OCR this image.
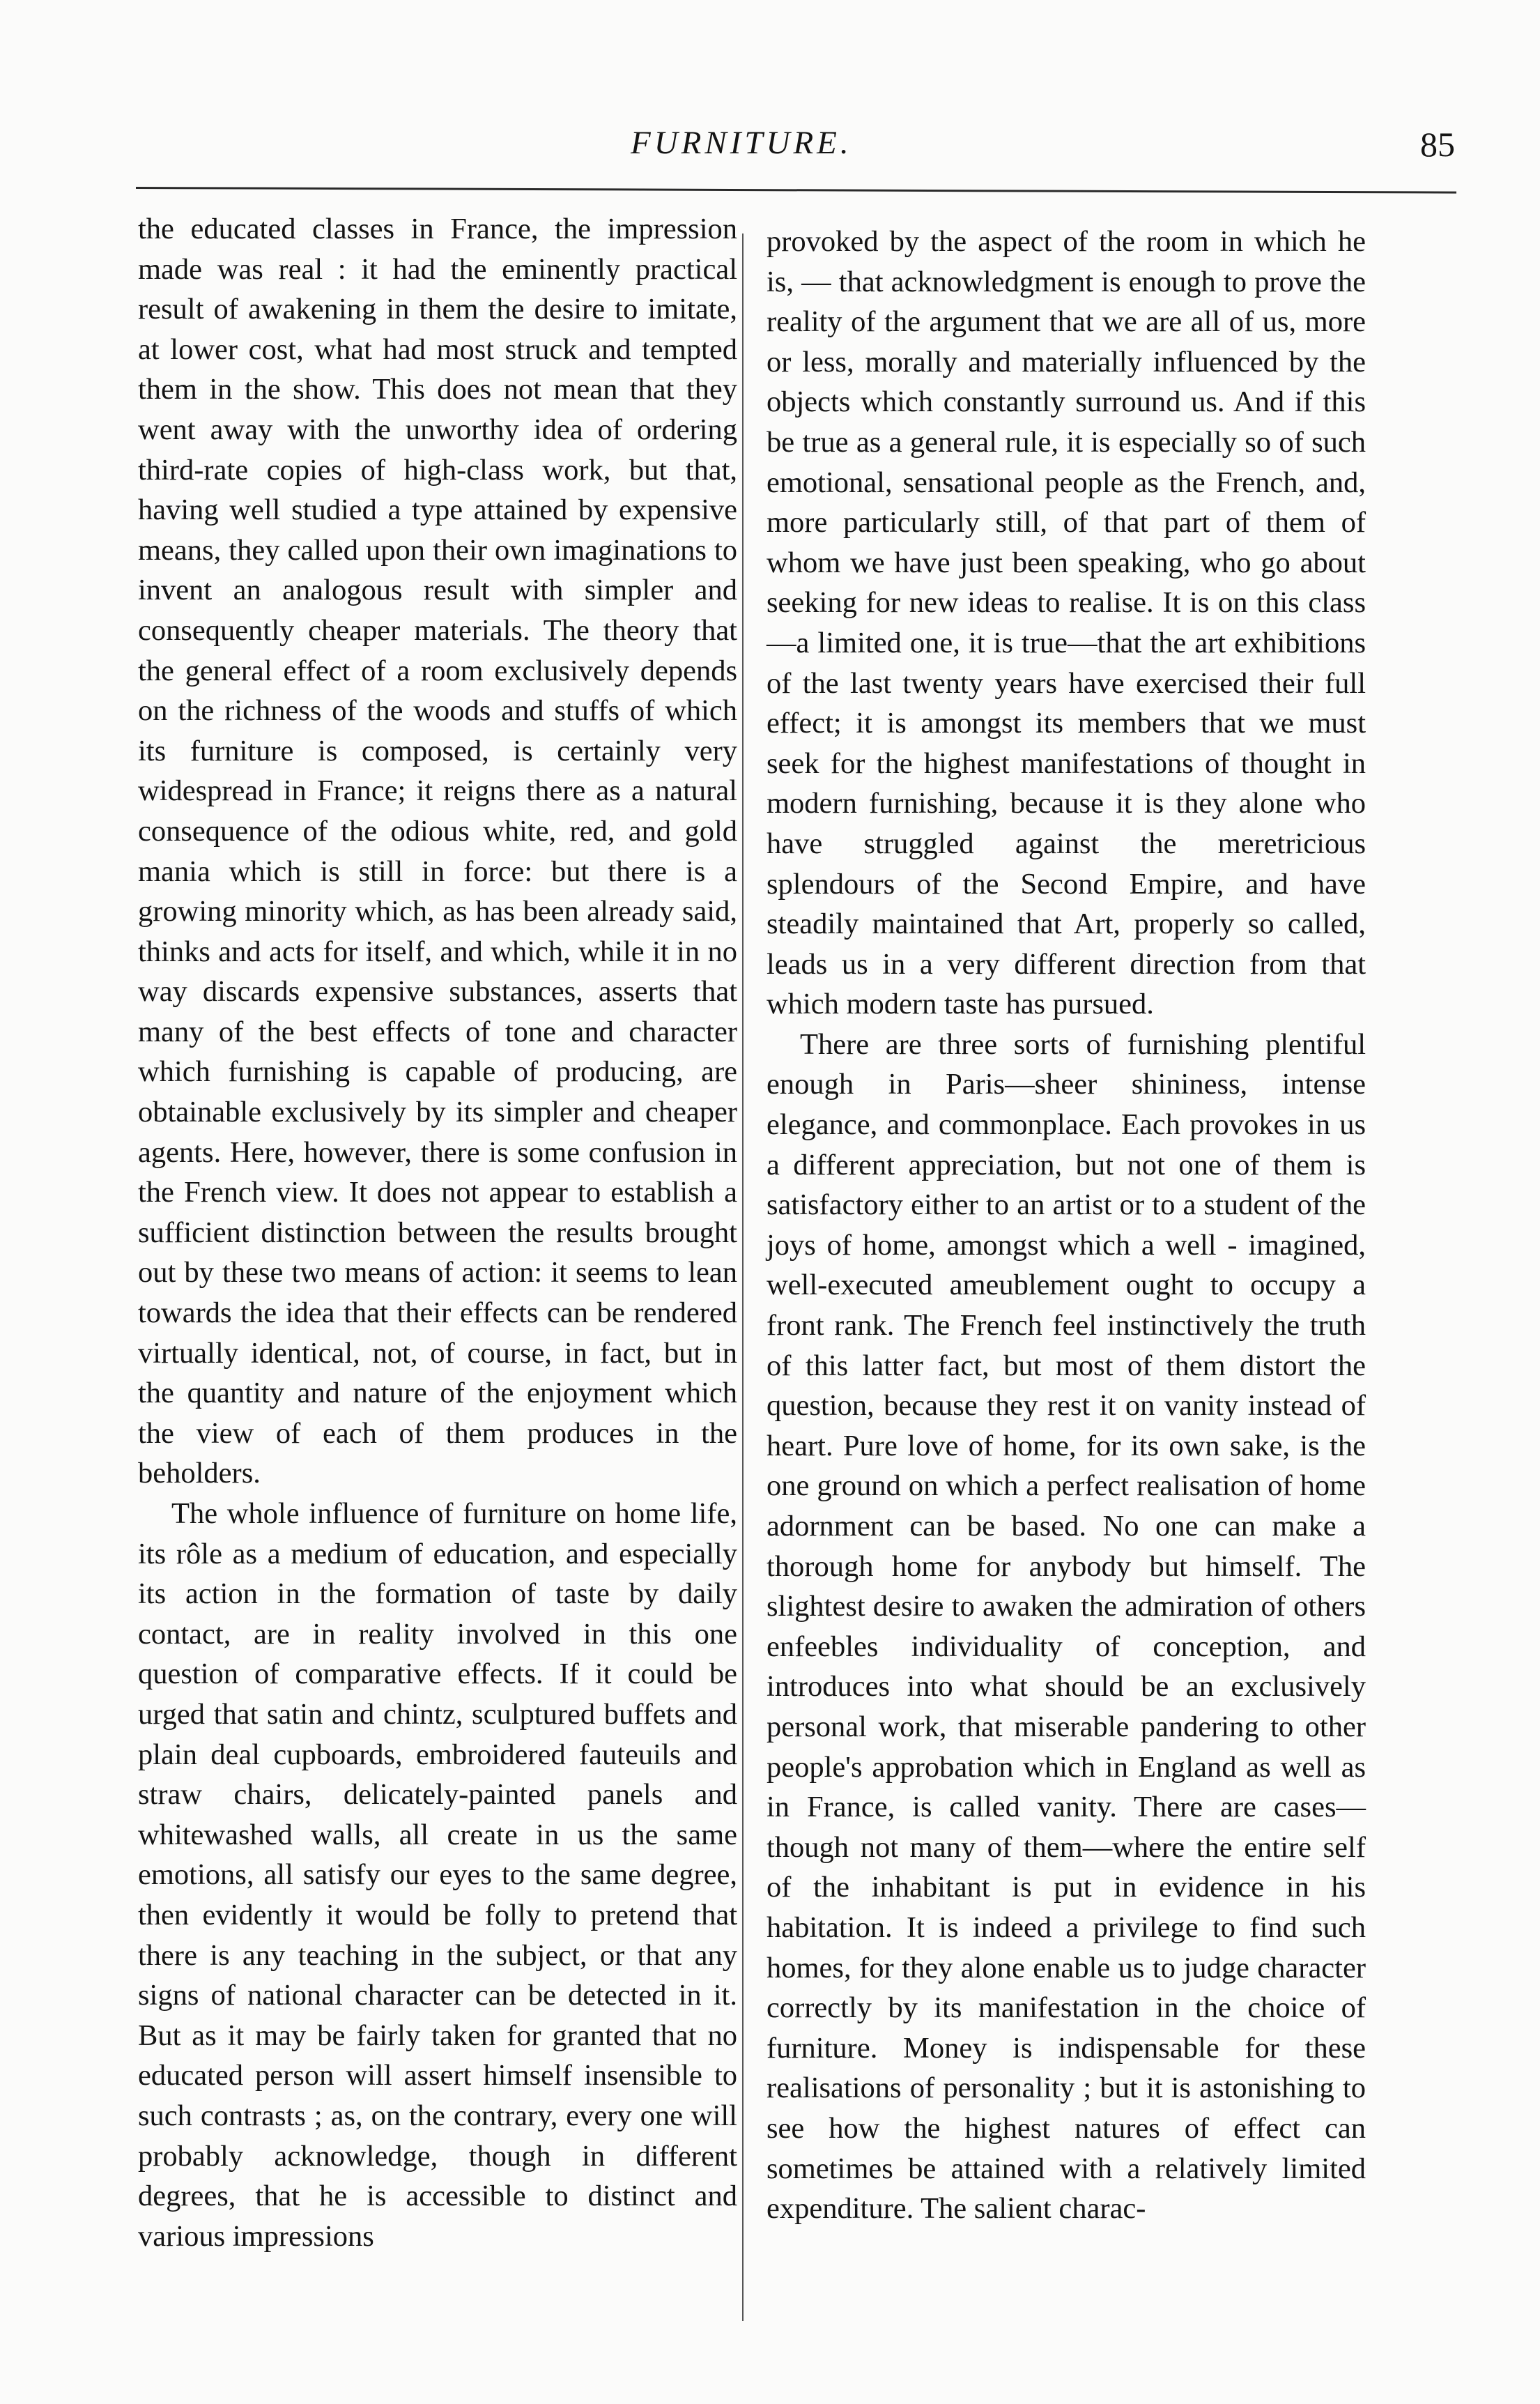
FURNITURE.	85

the educated classes in France, the impression made was real : it had the eminently practical result of awakening in them the desire to imitate, at lower cost, what had most struck and tempted them in the show. This does not mean that they went away with the unworthy idea of ordering third-rate copies of high-class work, but that, having well studied a type attained by expensive means, they called upon their own imaginations to invent an analogous result with simpler and consequently cheaper materials. The theory that the general effect of a room exclusively depends on the richness of the woods and stuffs of which its furniture is composed, is certainly very widespread in France; it reigns there as a natural consequence of the odious white, red, and gold mania which is still in force: but there is a growing minority which, as has been already said, thinks and acts for itself, and which, while it in no way discards expensive substances, asserts that many of the best effects of tone and character which furnishing is capable of producing, are obtainable exclusively by its simpler and cheaper agents. Here, however, there is some confusion in the French view. It does not appear to establish a sufficient distinction between the results brought out by these two means of action: it seems to lean towards the idea that their effects can be rendered virtually identical, not, of course, in fact, but in the quantity and nature of the enjoyment which the view of each of them produces in the beholders.

The whole influence of furniture on home life, its rôle as a medium of education, and especially its action in the formation of taste by daily contact, are in reality involved in this one question of comparative effects. If it could be urged that satin and chintz, sculptured buffets and plain deal cupboards, embroidered fauteuils and straw chairs, delicately-painted panels and whitewashed walls, all create in us the same emotions, all satisfy our eyes to the same degree, then evidently it would be folly to pretend that there is any teaching in the subject, or that any signs of national character can be detected in it. But as it may be fairly taken for granted that no educated person will assert himself insensible to such contrasts ; as, on the contrary, every one will probably acknowledge, though in different degrees, that he is accessible to distinct and various impressions

provoked by the aspect of the room in which he is, — that acknowledgment is enough to prove the reality of the argument that we are all of us, more or less, morally and materially influenced by the objects which constantly surround us. And if this be true as a general rule, it is especially so of such emotional, sensational people as the French, and, more particularly still, of that part of them of whom we have just been speaking, who go about seeking for new ideas to realise. It is on this class—a limited one, it is true—that the art exhibitions of the last twenty years have exercised their full effect; it is amongst its members that we must seek for the highest manifestations of thought in modern furnishing, because it is they alone who have struggled against the meretricious splendours of the Second Empire, and have steadily maintained that Art, properly so called, leads us in a very different direction from that which modern taste has pursued.

There are three sorts of furnishing plentiful enough in Paris—sheer shininess, intense elegance, and commonplace. Each provokes in us a different appreciation, but not one of them is satisfactory either to an artist or to a student of the joys of home, amongst which a well - imagined, well-executed ameublement ought to occupy a front rank. The French feel instinctively the truth of this latter fact, but most of them distort the question, because they rest it on vanity instead of heart. Pure love of home, for its own sake, is the one ground on which a perfect realisation of home adornment can be based. No one can make a thorough home for anybody but himself. The slightest desire to awaken the admiration of others enfeebles individuality of conception, and introduces into what should be an exclusively personal work, that miserable pandering to other people's approbation which in England as well as in France, is called vanity. There are cases—though not many of them—where the entire self of the inhabitant is put in evidence in his habitation. It is indeed a privilege to find such homes, for they alone enable us to judge character correctly by its manifestation in the choice of furniture. Money is indispensable for these realisations of personality ; but it is astonishing to see how the highest natures of effect can sometimes be attained with a relatively limited expenditure. The salient charac-
